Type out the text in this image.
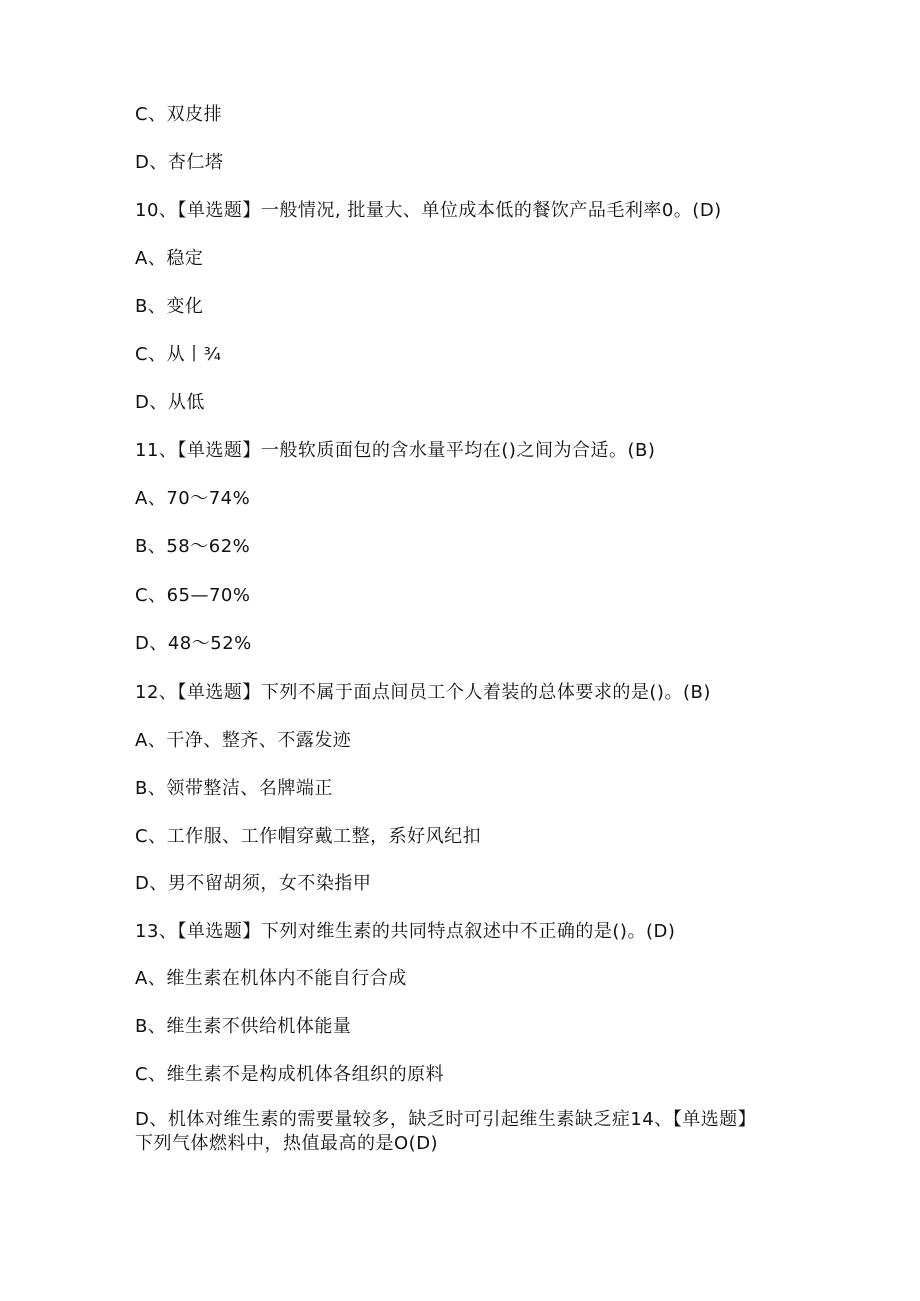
C、双皮排
D、杏仁塔
10、【单选题】一般情况, 批量大、单位成本低的餐饮产品毛利率0。(D)
A、稳定
B、变化
C、从丨¾
D、从低
11、【单选题】一般软质面包的含水量平均在()之间为合适。(B)
A、70〜74%
B、58〜62%
C、65—70%
D、48〜52%
12、【单选题】下列不属于面点间员工个人着装的总体要求的是()。(B)
A、干净、整齐、不露发迹
B、领带整洁、名牌端正
C、工作服、工作帽穿戴工整，系好风纪扣
D、男不留胡须，女不染指甲
13、【单选题】下列对维生素的共同特点叙述中不正确的是()。(D)
A、维生素在机体内不能自行合成
B、维生素不供给机体能量
C、维生素不是构成机体各组织的原料
D、机体对维生素的需要量较多，缺乏时可引起维生素缺乏症14、【单选题】
下列气体燃料中，热值最高的是O(D)
